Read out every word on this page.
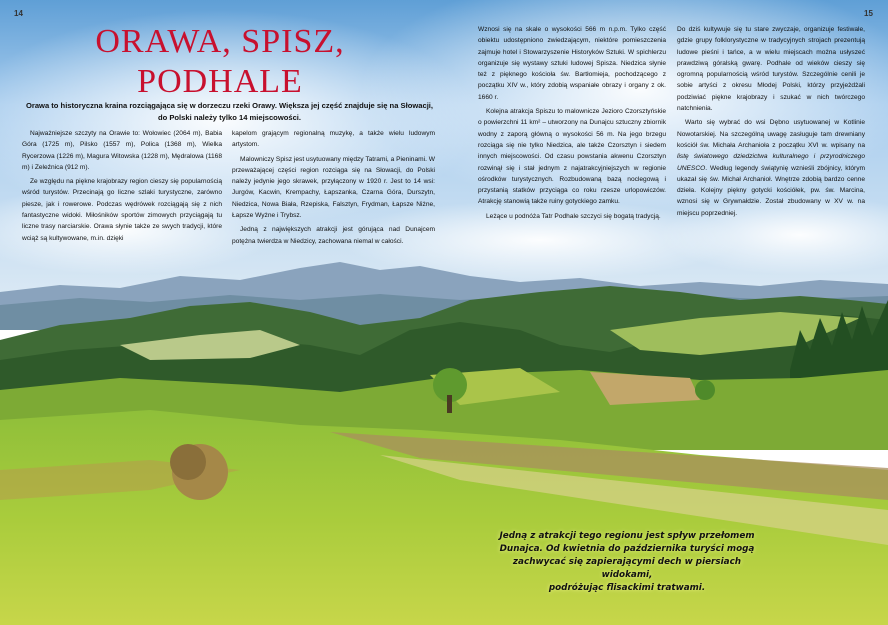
14	15
ORAWA, SPISZ,
PODHALE

Orawa to historyczna kraina rozciągająca się w dorzeczu rzeki Orawy. Większa jej część znajduje się na Słowacji,
do Polski należy tylko 14 miejscowości.

Najważniejsze szczyty na Orawie to: Wołowiec (2064 m), Babia Góra (1725 m), Pilsko (1557 m), Polica (1368 m), Wielka Rycerzowa (1226 m), Magura Witowska (1228 m), Mędralowa (1168 m) i Zeleźnica (912 m).

Ze względu na piękne krajobrazy region cieszy się popularnością wśród turystów. Przecinają go liczne szlaki turystyczne, zarówno piesze, jak i rowerowe. Podczas wędrówek rozciągają się z nich fantastyczne widoki. Miłośników sportów zimowych przyciągają tu liczne trasy narciarskie. Orawa słynie także ze swych tradycji, które wciąż są kultywowane, m.in. dzięki

kapelom grającym regionalną muzykę, a także wielu ludowym artystom.

Malowniczy Spisz jest usytuowany między Tatrami, a Pieninami. W przeważającej części region rozciąga się na Słowacji, do Polski należy jedynie jego skrawek, przyłączony w 1920 r. Jest to 14 wsi: Jurgów, Kacwin, Krempachy, Łapszanka, Czarna Góra, Durszytn, Niedzica, Nowa Biała, Rzepiska, Falsztyn, Frydman, Łapsze Niżne, Łapsze Wyżne i Trybsz.

Jedną z największych atrakcji jest górująca nad Dunajcem potężna twierdza w Niedzicy, zachowana niemal w całości.

Wznosi się na skale o wysokości 566 m n.p.m. Tylko część obiektu udostępniono zwiedzającym, niektóre pomieszczenia zajmuje hotel i Stowarzyszenie Historyków Sztuki. W spichlerzu organizuje się wystawy sztuki ludowej Spisza. Niedzica słynie też z pięknego kościoła św. Bartłomieja, pochodzącego z początku XIV w., który zdobią wspaniałe obrazy i organy z ok. 1660 r.

Kolejna atrakcja Spiszu to malownicze Jezioro Czorsztyńskie o powierzchni 11 km² – utworzony na Dunajcu sztuczny zbiornik wodny z zaporą główną o wysokości 56 m. Na jego brzegu rozciąga się nie tylko Niedzica, ale także Czorsztyn i siedem innych miejscowości. Od czasu powstania akwenu Czorsztyn rozwinął się i stał jednym z najatrakcyjniejszych w regionie ośrodków turystycznych. Rozbudowaną bazą noclegową i przystanią statków przyciąga co roku rzesze urlopowiczów. Atrakcję stanowią także ruiny gotyckiego zamku.

Leżące u podnóża Tatr Podhale szczyci się bogatą tradycją.

Do dziś kultywuje się tu stare zwyczaje, organizuje festiwale, gdzie grupy folklorystyczne w tradycyjnych strojach prezentują ludowe pieśni i tańce, a w wielu miejscach można usłyszeć prawdziwą góralską gwarę. Podhale od wieków cieszy się ogromną popularnością wśród turystów. Szczególnie cenili je sobie artyści z okresu Młodej Polski, którzy przyjeżdżali podziwiać piękne krajobrazy i szukać w nich twórczego natchnienia.

Warto się wybrać do wsi Dębno usytuowanej w Kotlinie Nowotarskiej. Na szczególną uwagę zasługuje tam drewniany kościół św. Michała Archanioła z początku XVI w. wpisany na listę światowego dziedzictwa kulturalnego i przyrodniczego UNESCO. Według legendy świątynię wznieśli zbójnicy, którym ukazał się św. Michał Archanioł. Wnętrze zdobią bardzo cenne dzieła. Kolejny piękny gotycki kościółek, pw. św. Marcina, wznosi się w Grywnałdzie. Został zbudowany w XV w. na miejscu poprzedniej.

Jedną z atrakcji tego regionu jest spływ przełomem
Dunajca. Od kwietnia do października turyści mogą
zachwycać się zapierającymi dech w piersiach widokami,
podróżując flisackimi tratwami.
